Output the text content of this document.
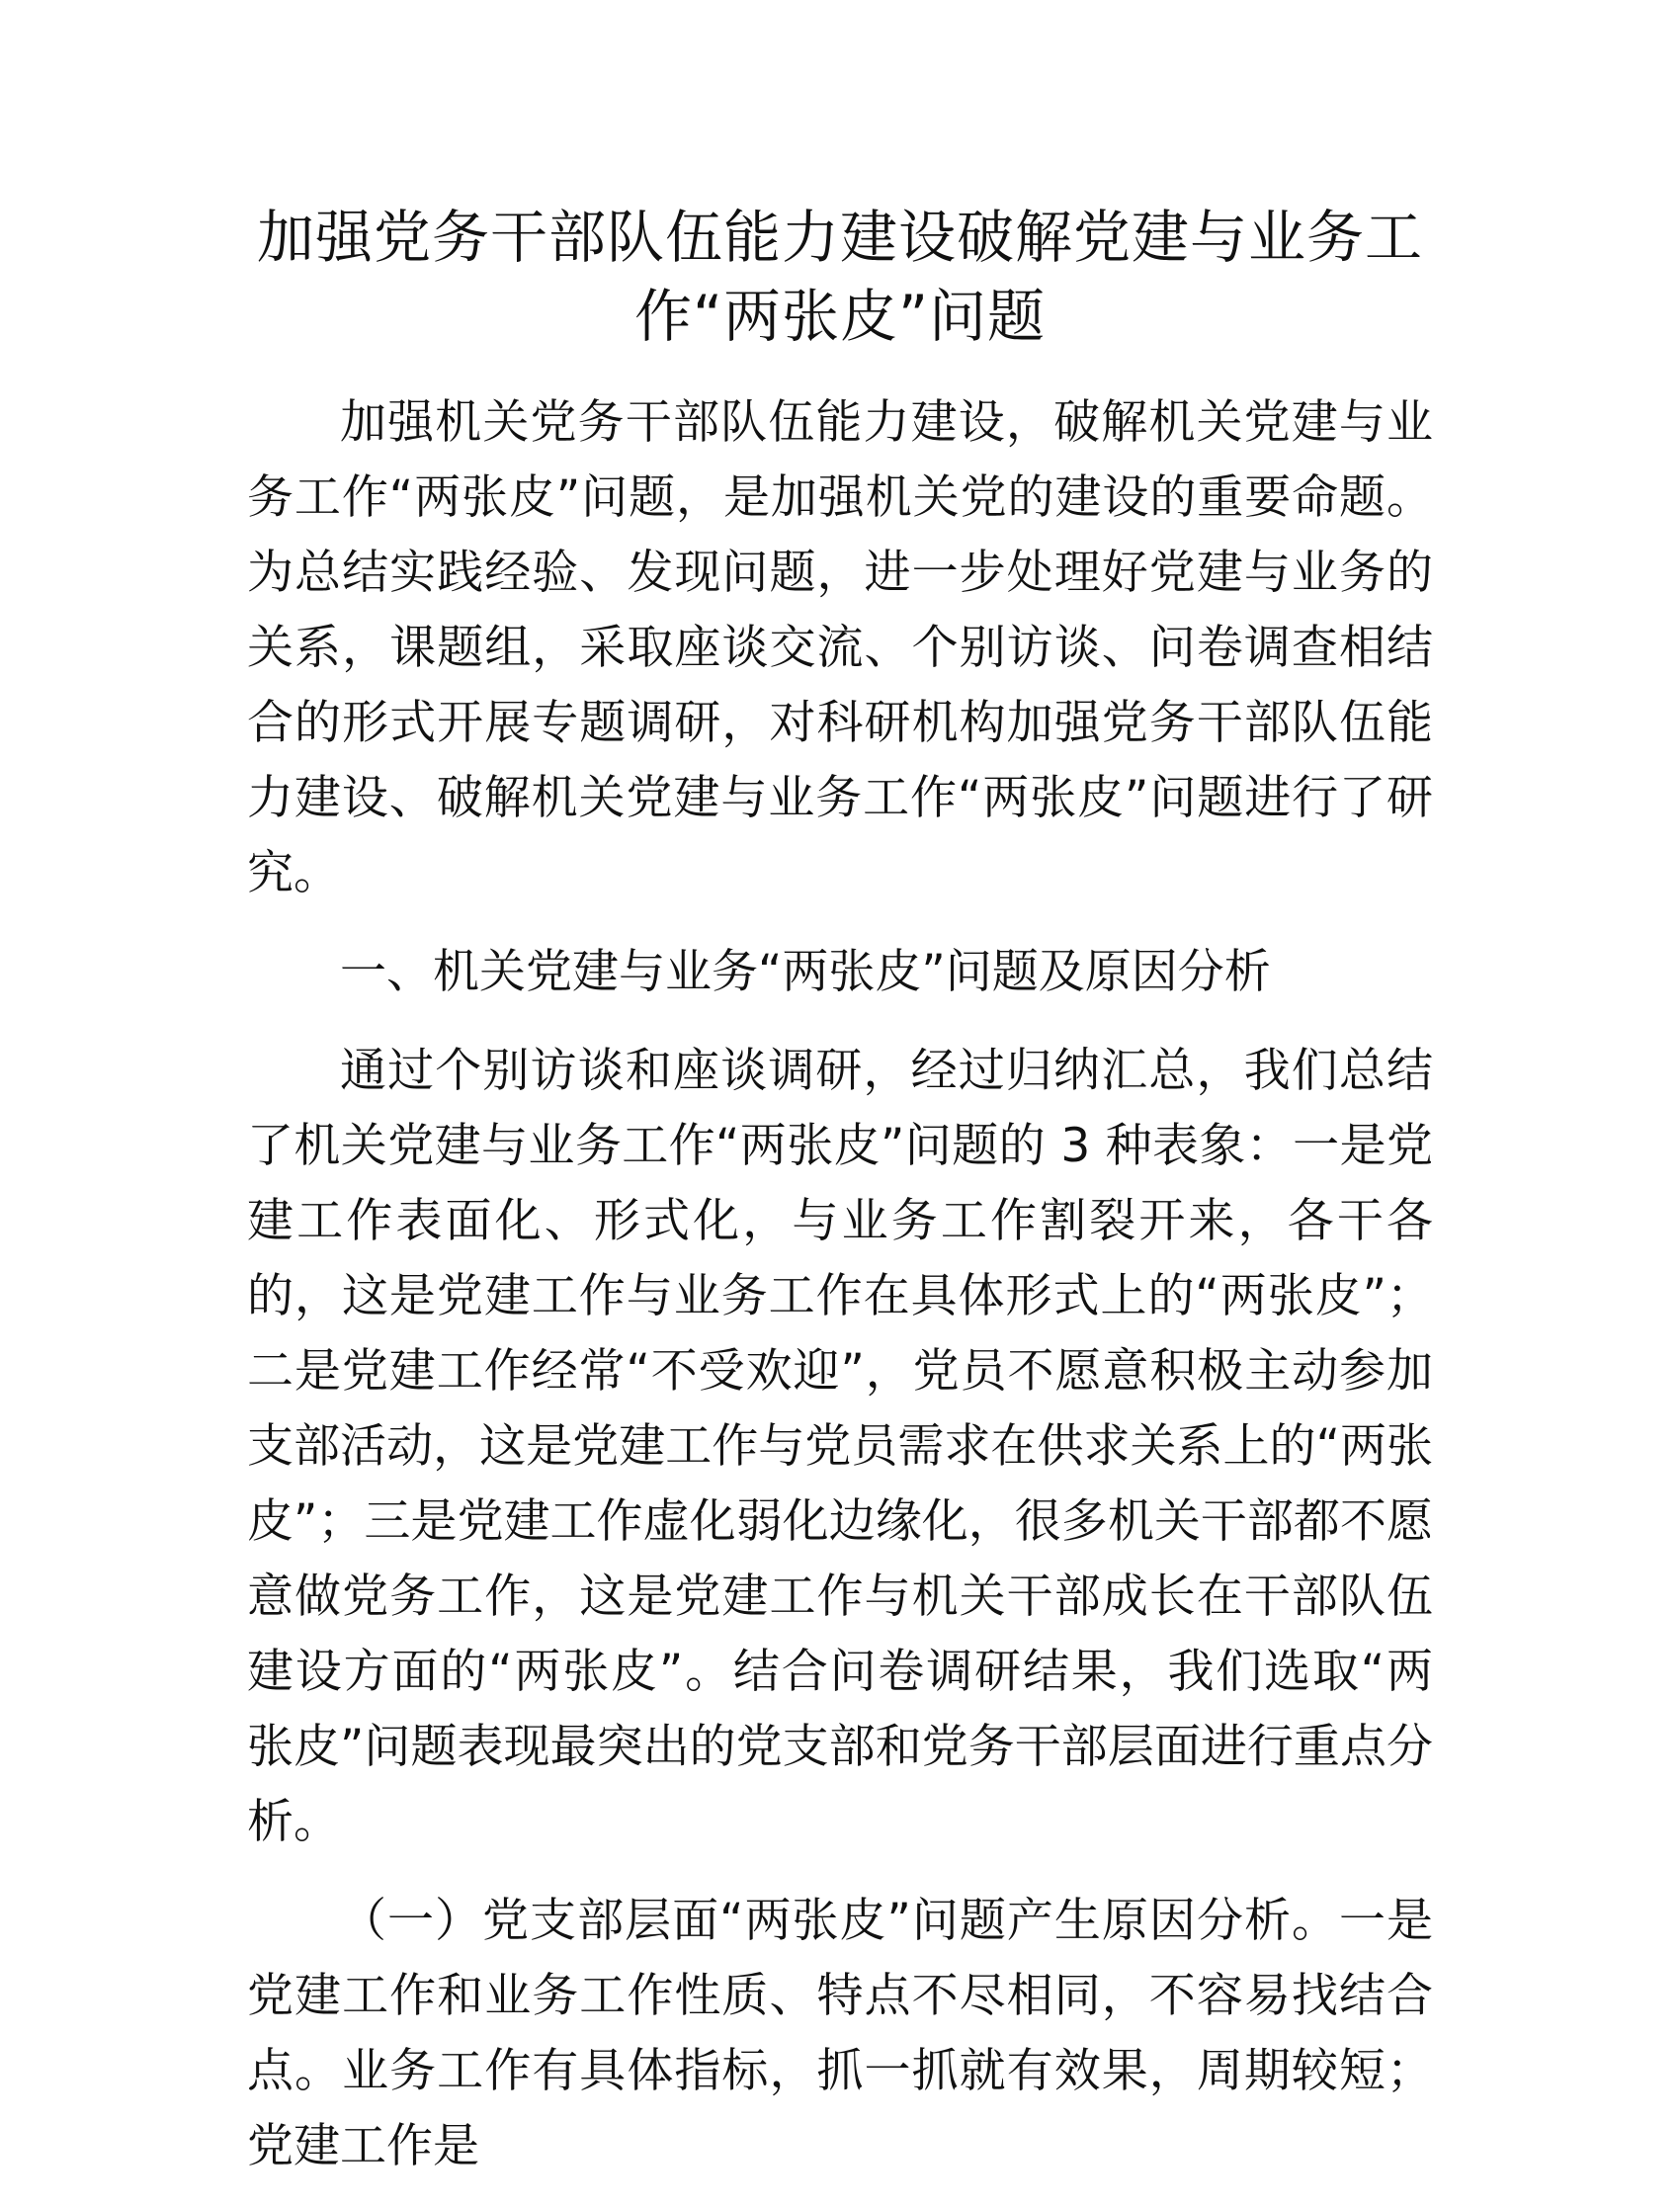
加强党务干部队伍能力建设破解党建与业务工作“两张皮”问题

加强机关党务干部队伍能力建设，破解机关党建与业务工作“两张皮”问题，是加强机关党的建设的重要命题。为总结实践经验、发现问题，进一步处理好党建与业务的关系，课题组，采取座谈交流、个别访谈、问卷调查相结合的形式开展专题调研，对科研机构加强党务干部队伍能力建设、破解机关党建与业务工作“两张皮”问题进行了研究。

一、机关党建与业务“两张皮”问题及原因分析

通过个别访谈和座谈调研，经过归纳汇总，我们总结了机关党建与业务工作“两张皮”问题的 3 种表象：一是党建工作表面化、形式化，与业务工作割裂开来，各干各的，这是党建工作与业务工作在具体形式上的“两张皮”；二是党建工作经常“不受欢迎”，党员不愿意积极主动参加支部活动，这是党建工作与党员需求在供求关系上的“两张皮”；三是党建工作虚化弱化边缘化，很多机关干部都不愿意做党务工作，这是党建工作与机关干部成长在干部队伍建设方面的“两张皮”。结合问卷调研结果，我们选取“两张皮”问题表现最突出的党支部和党务干部层面进行重点分析。

（一）党支部层面“两张皮”问题产生原因分析。一是党建工作和业务工作性质、特点不尽相同，不容易找结合点。业务工作有具体指标，抓一抓就有效果，周期较短；党建工作是
